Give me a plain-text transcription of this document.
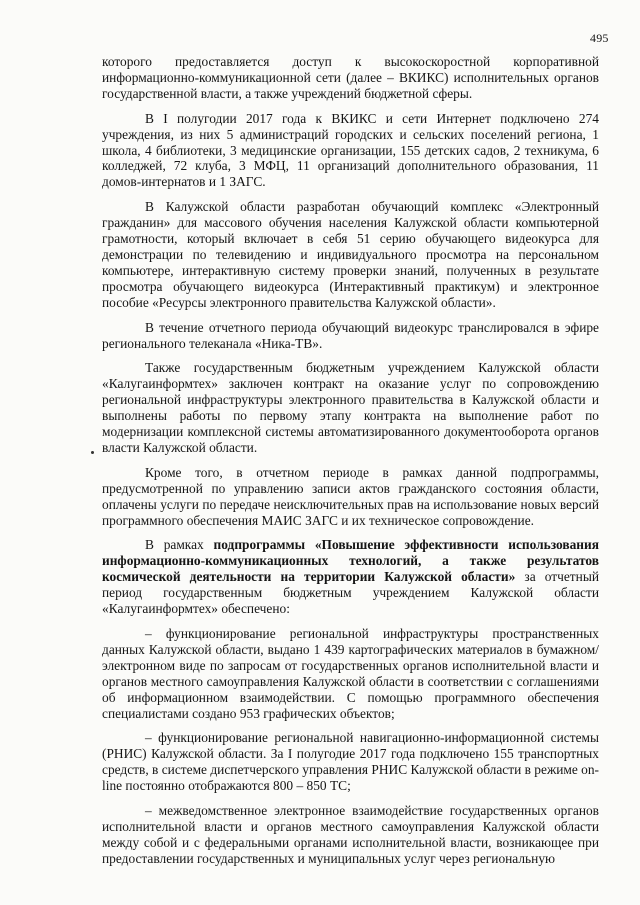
495

которого предоставляется доступ к высокоскоростной корпоративной информационно-коммуникационной сети (далее – ВКИКС) исполнительных органов государственной власти, а также учреждений бюджетной сферы.

В I полугодии 2017 года к ВКИКС и сети Интернет подключено 274 учреждения, из них 5 администраций городских и сельских поселений региона, 1 школа, 4 библиотеки, 3 медицинские организации, 155 детских садов, 2 техникума, 6 колледжей, 72 клуба, 3 МФЦ, 11 организаций дополнительного образования, 11 домов-интернатов и 1 ЗАГС.

В Калужской области разработан обучающий комплекс «Электронный гражданин» для массового обучения населения Калужской области компьютерной грамотности, который включает в себя 51 серию обучающего видеокурса для демонстрации по телевидению и индивидуального просмотра на персональном компьютере, интерактивную систему проверки знаний, полученных в результате просмотра обучающего видеокурса (Интерактивный практикум) и электронное пособие «Ресурсы электронного правительства Калужской области».

В течение отчетного периода обучающий видеокурс транслировался в эфире регионального телеканала «Ника-ТВ».

Также государственным бюджетным учреждением Калужской области «Калугаинформтех» заключен контракт на оказание услуг по сопровождению региональной инфраструктуры электронного правительства в Калужской области и выполнены работы по первому этапу контракта на выполнение работ по модернизации комплексной системы автоматизированного документооборота органов власти Калужской области.

Кроме того, в отчетном периоде в рамках данной подпрограммы, предусмотренной по управлению записи актов гражданского состояния области, оплачены услуги по передаче неисключительных прав на использование новых версий программного обеспечения МАИС ЗАГС и их техническое сопровождение.

В рамках подпрограммы «Повышение эффективности использования информационно-коммуникационных технологий, а также результатов космической деятельности на территории Калужской области» за отчетный период государственным бюджетным учреждением Калужской области «Калугаинформтех» обеспечено:

– функционирование региональной инфраструктуры пространственных данных Калужской области, выдано 1 439 картографических материалов в бумажном/электронном виде по запросам от государственных органов исполнительной власти и органов местного самоуправления Калужской области в соответствии с соглашениями об информационном взаимодействии. С помощью программного обеспечения специалистами создано 953 графических объектов;

– функционирование региональной навигационно-информационной системы (РНИС) Калужской области. За I полугодие 2017 года подключено 155 транспортных средств, в системе диспетчерского управления РНИС Калужской области в режиме on-line постоянно отображаются 800 – 850 ТС;

– межведомственное электронное взаимодействие государственных органов исполнительной власти и органов местного самоуправления Калужской области между собой и с федеральными органами исполнительной власти, возникающее при предоставлении государственных и муниципальных услуг через региональную
